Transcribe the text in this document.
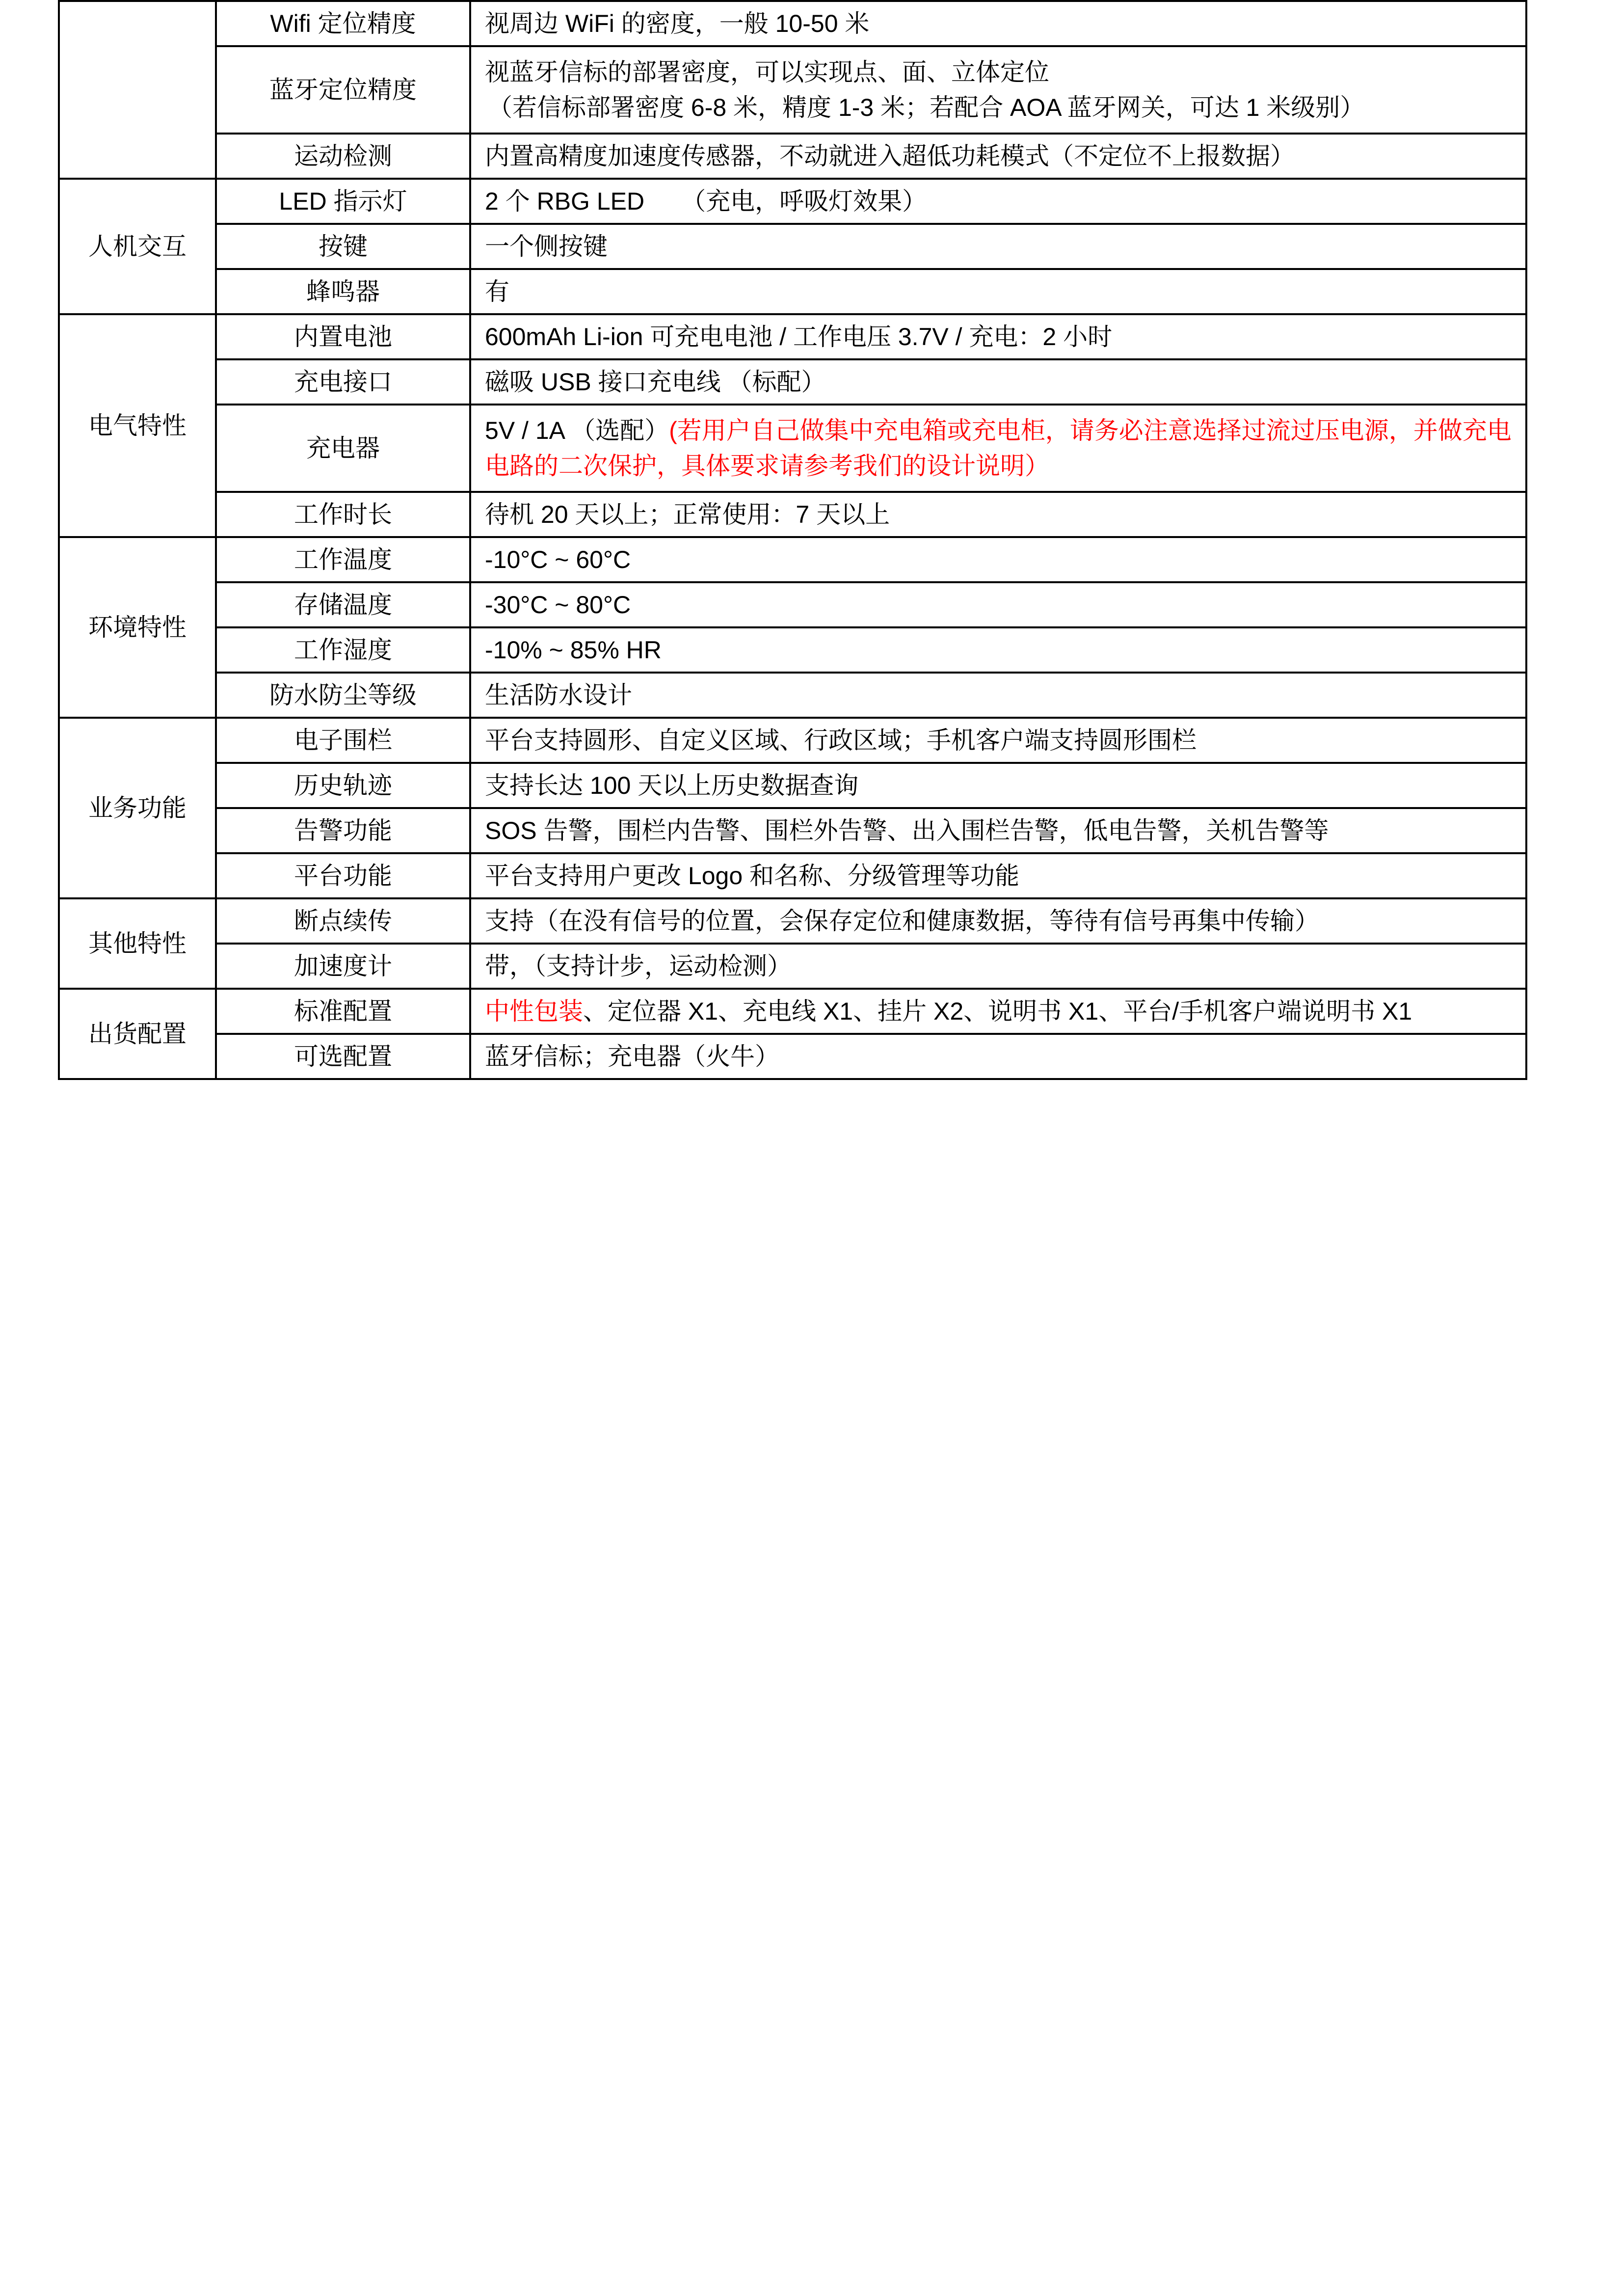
	Wifi 定位精度	视周边 WiFi 的密度，一般 10-50 米
	蓝牙定位精度	视蓝牙信标的部署密度，可以实现点、面、立体定位
（若信标部署密度 6-8 米，精度 1-3 米；若配合 AOA 蓝牙网关，可达 1 米级别）

	运动检测	内置高精度加速度传感器，不动就进入超低功耗模式（不定位不上报数据）
人机交互	LED 指示灯	2 个 RBG LED　　（充电，呼吸灯效果）
	按键	一个侧按键
	蜂鸣器	有
电气特性	内置电池	600mAh Li-ion 可充电电池 / 工作电压 3.7V / 充电：2 小时
	充电接口	磁吸 USB 接口充电线 （标配）
	充电器	5V / 1A （选配）(若用户自己做集中充电箱或充电柜，请务必注意选择过流过压电源，并做充电电路的二次保护，具体要求请参考我们的设计说明）
	工作时长	待机 20 天以上；正常使用：7 天以上
环境特性	工作温度	-10°C ~ 60°C
	存储温度	-30°C ~ 80°C
	工作湿度	-10% ~ 85% HR
	防水防尘等级	生活防水设计
业务功能	电子围栏	平台支持圆形、自定义区域、行政区域；手机客户端支持圆形围栏
	历史轨迹	支持长达 100 天以上历史数据查询
	告警功能	SOS 告警，围栏内告警、围栏外告警、出入围栏告警，低电告警，关机告警等
	平台功能	平台支持用户更改 Logo 和名称、分级管理等功能
其他特性	断点续传	支持（在没有信号的位置，会保存定位和健康数据，等待有信号再集中传输）
	加速度计	带，（支持计步，运动检测）
出货配置	标准配置	中性包装、定位器 X1、充电线 X1、挂片 X2、说明书 X1、平台/手机客户端说明书 X1
	可选配置	蓝牙信标；充电器（火牛）
